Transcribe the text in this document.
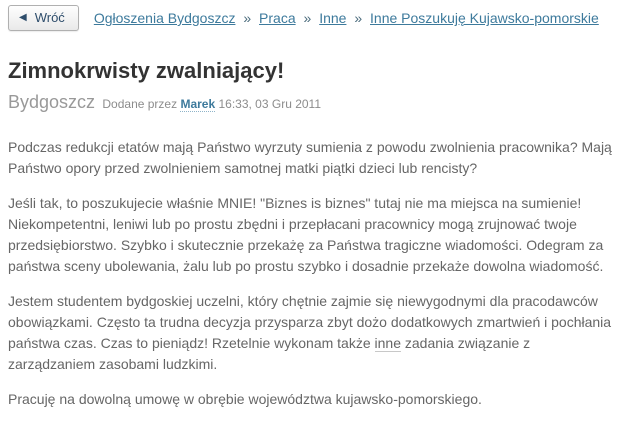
◀ Wróć Ogłoszenia Bydgoszcz » Praca » Inne » Inne Poszukuję Kujawsko-pomorskie
Zimnokrwisty zwalniający!
Bydgoszcz Dodane przez Marek 16:33, 03 Gru 2011

Podczas redukcji etatów mają Państwo wyrzuty sumienia z powodu zwolnienia pracownika? Mają Państwo opory przed zwolnieniem samotnej matki piątki dzieci lub rencisty?

Jeśli tak, to poszukujecie właśnie MNIE! "Biznes is biznes" tutaj nie ma miejsca na sumienie! Niekompetentni, leniwi lub po prostu zbędni i przepłacani pracownicy mogą zrujnować twoje przedsiębiorstwo. Szybko i skutecznie przekażę za Państwa tragiczne wiadomości. Odegram za państwa sceny ubolewania, żalu lub po prostu szybko i dosadnie przekaże dowolna wiadomość.

Jestem studentem bydgoskiej uczelni, który chętnie zajmie się niewygodnymi dla pracodawców obowiązkami. Często ta trudna decyzja przysparza zbyt dożo dodatkowych zmartwień i pochłania państwa czas. Czas to pieniądz! Rzetelnie wykonam także inne zadania związanie z zarządzaniem zasobami ludzkimi.

Pracuję na dowolną umowę w obrębie województwa kujawsko-pomorskiego.
